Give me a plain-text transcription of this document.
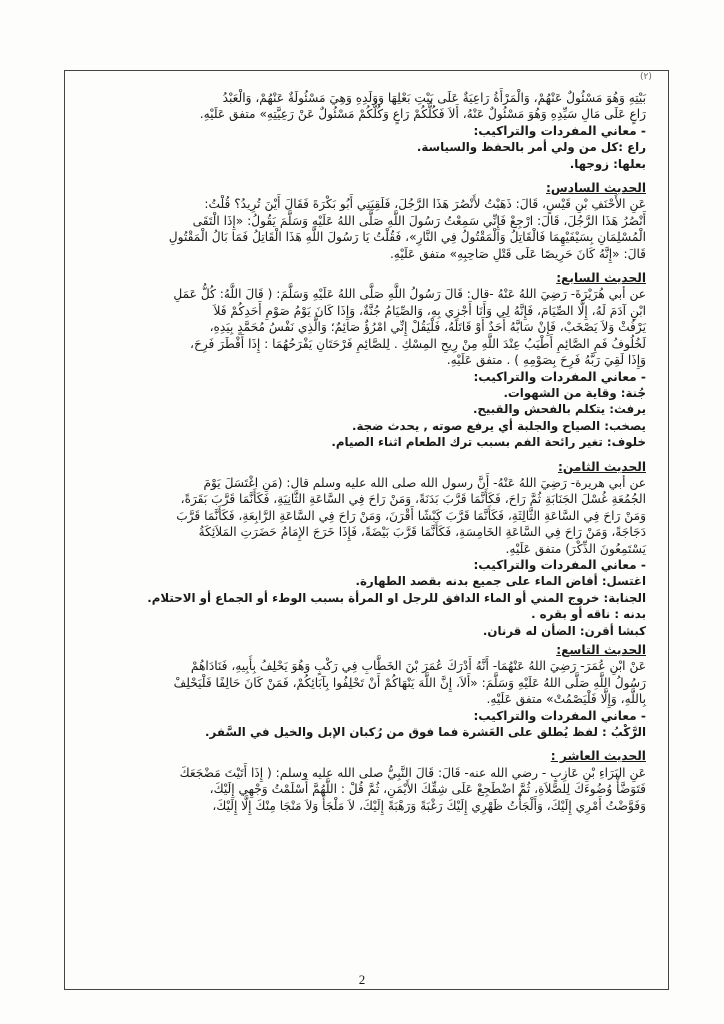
(٢)

بَيْتِهِ وَهُوَ مَسْئُولٌ عَنْهُمْ، وَالْمَرْأَةُ رَاعِيَةٌ عَلَى بَيْتِ بَعْلِهَا وَوَلَدِهِ وَهِيَ مَسْئُولَةٌ عَنْهُمْ، وَالْعَبْدُ

رَاعٍ عَلَى مَالِ سَيِّدِهِ وَهُوَ مَسْئُولٌ عَنْهُ، أَلاَ فَكُلُّكُمْ رَاعٍ وَكُلُّكُمْ مَسْئُولٌ عَنْ رَعِيَّتِهِ» متفق عَلَيْهِ.

- معاني المفردات والتراكيب:

راع :كل من ولي أمر بالحفظ والسياسة.

بعلها: زوجها.

الحديث السادس:

عَنِ الأَحْنَفِ بْنِ قَيْسٍ، قَالَ: ذَهَبْتُ لأَنْصُرَ هَذَا الرَّجُلَ، فَلَقِيَنِي أَبُو بَكْرَةَ فَقَالَ أَيْنَ تُرِيدُ؟ قُلْتُ:

أَنْصُرُ هَذَا الرَّجُلَ، قَالَ: ارْجِعْ فَإِنِّي سَمِعْتُ رَسُولَ اللَّهِ صَلَّى اللهُ عَلَيْهِ وَسَلَّمَ يَقُولُ: «إِذَا الْتَقَى

الْمُسْلِمَانِ بِسَيْفَيْهِمَا فَالْقَاتِلُ وَالْمَقْتُولُ فِي النَّارِ»، فَقُلْتُ يَا رَسُولَ اللَّهِ هَذَا الْقَاتِلُ فَمَا بَالُ الْمَقْتُولِ

قَالَ: «إِنَّهُ كَانَ حَرِيصًا عَلَى قَتْلِ صَاحِبِهِ» متفق عَلَيْهِ.

الحديث السابع:

عن أبي هُرَيْرَةَ- رَضِيَ اللهُ عَنْهُ -قال: قَالَ رَسُولُ اللَّهِ صَلَّى اللهُ عَلَيْهِ وَسَلَّمَ: ( قَالَ اللَّهُ: كُلُّ عَمَلِ

ابْنِ آدَمَ لَهُ، إِلَّا الصِّيَامَ، فَإِنَّهُ لِي وَأَنَا أَجْزِي بِهِ، وَالصِّيَامُ جُنَّةٌ، وَإِذَا كَانَ يَوْمُ صَوْمِ أَحَدِكُمْ فَلاَ

يَرْفُثْ وَلاَ يَصْخَبْ، فَإِنْ سَابَّهُ أَحَدٌ أَوْ قَاتَلَهُ، فَلْيَقُلْ إِنِّي امْرُؤٌ صَائِمٌ؛ وَالَّذِي نَفْسُ مُحَمَّدٍ بِيَدِهِ،

لَخُلُوفُ فَمِ الصَّائِمِ أَطْيَبُ عِنْدَ اللَّهِ مِنْ رِيحِ المِسْكِ . لِلصَّائِمِ فَرْحَتَانِ يَفْرَحُهُمَا : إِذَا أَفْطَرَ فَرِحَ،

وَإِذَا لَقِيَ رَبَّهُ فَرِحَ بِصَوْمِهِ ) . متفق عَلَيْهِ.

- معاني المفردات والتراكيب:

جُنة: وقاية من الشهوات.

يرفث: يتكلم بالفحش والقبيح.

يصخب: الصياح والجلبة أي يرفع صوته , يحدث ضجة.

خلوف: تغير رائحة الفم بسبب ترك الطعام اثناء الصيام.

الحديث الثامن:

عن أبي هريرة- رَضِيَ اللهُ عَنْهُ- أَنَّ رسول الله صلى الله عليه وسلم قال: (مَنِ اغْتَسَلَ يَوْمَ

الجُمُعَةِ غُسْلَ الجَنَابَةِ ثُمَّ رَاحَ، فَكَأَنَّمَا قَرَّبَ بَدَنَةً، وَمَنْ رَاحَ فِي السَّاعَةِ الثَّانِيَةِ، فَكَأَنَّمَا قَرَّبَ بَقَرَةً،

وَمَنْ رَاحَ فِي السَّاعَةِ الثَّالِثَةِ، فَكَأَنَّمَا قَرَّبَ كَبْشًا أَقْرَنَ، وَمَنْ رَاحَ فِي السَّاعَةِ الرَّابِعَةِ، فَكَأَنَّمَا قَرَّبَ

دَجَاجَةً، وَمَنْ رَاحَ فِي السَّاعَةِ الخَامِسَةِ، فَكَأَنَّمَا قَرَّبَ بَيْضَةً، فَإِذَا خَرَجَ الإِمَامُ حَضَرَتِ المَلاَئِكَةُ

يَسْتَمِعُونَ الذِّكْرَ) متفق عَلَيْهِ.

- معاني المفردات والتراكيب:

اغتسل: أفاض الماء على جميع بدنه بقصد الطهارة.

الجنابة: خروج المني أو الماء الدافق للرجل او المرأة بسبب الوطء أو الجماع أو الاحتلام.

بدنه : ناقه أو بقره .

كبشا أقرن: الضأن له قرنان.

الحديث التاسع:

عَنْ ابْنِ عُمَرَ- رَضِيَ اللهُ عَنْهُمَا- أَنَّهُ أَدْرَكَ عُمَرَ بْنَ الخَطَّابِ فِي رَكْبٍ وَهُوَ يَحْلِفُ بِأَبِيهِ، فَنَادَاهُمْ

رَسُولُ اللَّهِ صَلَّى اللهُ عَلَيْهِ وَسَلَّمَ: «أَلاَ، إِنَّ اللَّهَ يَنْهَاكُمْ أَنْ تَحْلِفُوا بِآبَائِكُمْ، فَمَنْ كَانَ حَالِفًا فَلْيَحْلِفْ

بِاللَّهِ، وَإِلَّا فَلْيَصْمُتْ» متفق عَلَيْهِ.

- معاني المفردات والتراكيب:

الرَّكْبُ : لفظ يُطلق على العَشرة فما فوق من رُكبان الإبل والخيل في السَّفر.

الحديث العاشر :

عَنِ البَرَاءِ بْنِ عَازِبٍ - رضي الله عنه- قَالَ: قَالَ النَّبِيُّ صلى الله عليه وسلم: ( إِذَا أَتَيْتَ مَضْجَعَكَ

فَتَوَضَّأْ وُضُوءَكَ لِلصَّلاَةِ، ثُمَّ اضْطَجِعْ عَلَى شِقِّكَ الأَيْمَنِ، ثُمَّ قُلْ : اللَّهُمَّ أَسْلَمْتُ وَجْهِي إِلَيْكَ،

وَفَوَّضْتُ أَمْرِي إِلَيْكَ، وَأَلْجَأْتُ ظَهْرِي إِلَيْكَ رَغْبَةً وَرَهْبَةً إِلَيْكَ، لاَ مَلْجَأَ وَلاَ مَنْجَا مِنْكَ إِلَّا إِلَيْكَ،

2
